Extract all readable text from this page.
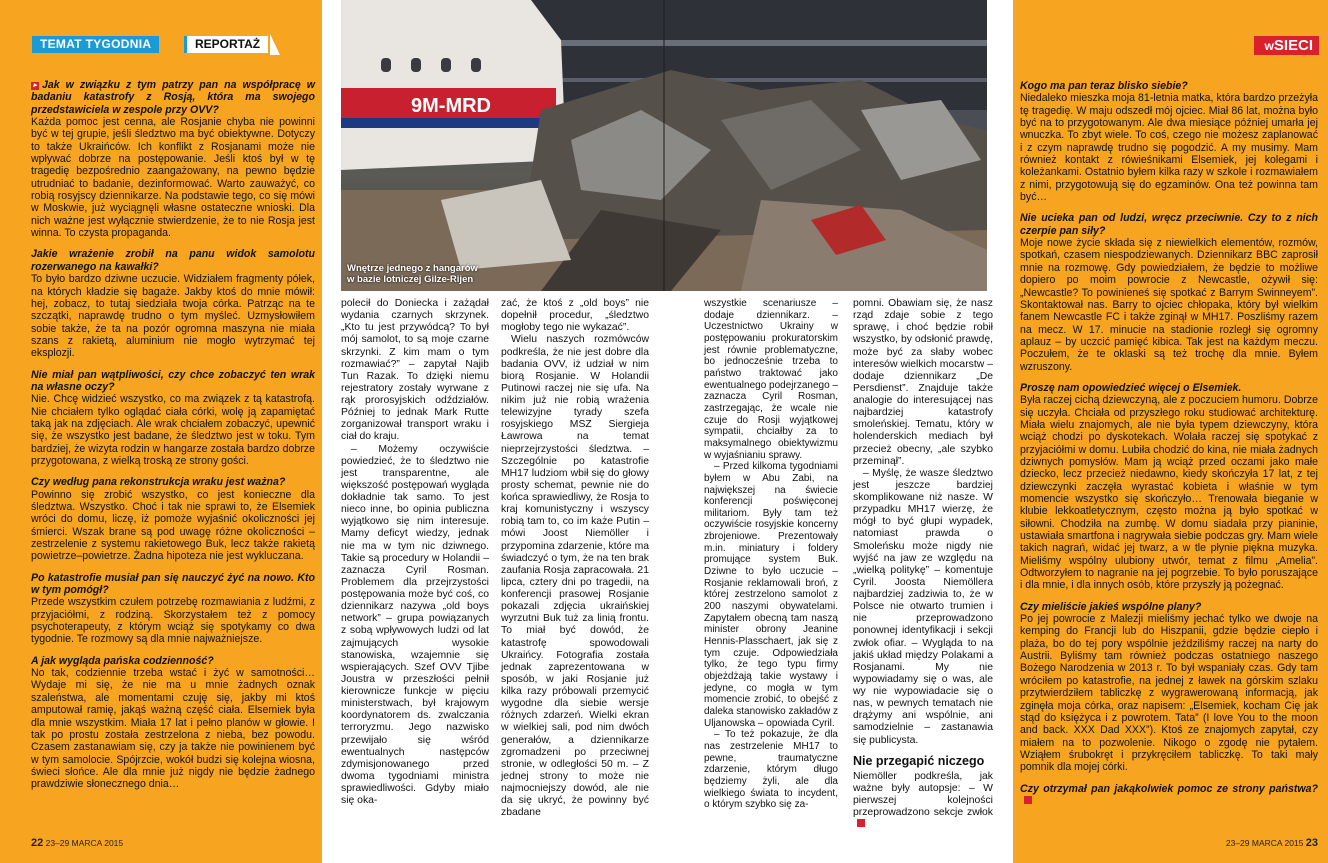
TEMAT TYGODNIA	REPORTAŻ

▸ Jak w związku z tym patrzy pan na współpracę w badaniu katastrofy z Rosją, która ma swojego przedstawiciela w zespole przy OVV?

Każda pomoc jest cenna, ale Rosjanie chyba nie powinni być w tej grupie, jeśli śledztwo ma być obiektywne. Dotyczy to także Ukraińców. Ich konflikt z Rosjanami może nie wpływać dobrze na postępowanie. Jeśli ktoś był w tę tragedię bezpośrednio zaangażowany, na pewno będzie utrudniać to badanie, dezinformować. Warto zauważyć, co robią rosyjscy dziennikarze. Na podstawie tego, co się mówi w Moskwie, już wyciągnęli własne ostateczne wnioski. Dla nich ważne jest wyłącznie stwierdzenie, że to nie Rosja jest winna. To czysta propaganda.

Jakie wrażenie zrobił na panu widok samolotu rozerwanego na kawałki?

To było bardzo dziwne uczucie. Widziałem fragmenty półek, na których kładzie się bagaże. Jakby ktoś do mnie mówił: hej, zobacz, to tutaj siedziała twoja córka. Patrząc na te szczątki, naprawdę trudno o tym myśleć. Uzmysłowiłem sobie także, że ta na pozór ogromna maszyna nie miała szans z rakietą, aluminium nie mogło wytrzymać tej eksplozji.

Nie miał pan wątpliwości, czy chce zobaczyć ten wrak na własne oczy?

Nie. Chcę widzieć wszystko, co ma związek z tą katastrofą. Nie chciałem tylko oglądać ciała córki, wolę ją zapamiętać taką jak na zdjęciach. Ale wrak chciałem zobaczyć, upewnić się, że wszystko jest badane, że śledztwo jest w toku. Tym bardziej, że wizyta rodzin w hangarze została bardzo dobrze przygotowana, z wielką troską ze strony gości.

Czy według pana rekonstrukcja wraku jest ważna?

Powinno się zrobić wszystko, co jest konieczne dla śledztwa. Wszystko. Choć i tak nie sprawi to, że Elsemiek wróci do domu, liczę, iż pomoże wyjaśnić okoliczności jej śmierci. Wszak brane są pod uwagę różne okoliczności – zestrzelenie z systemu rakietowego Buk, lecz także rakietą powietrze–powietrze. Żadna hipoteza nie jest wykluczana.

Po katastrofie musiał pan się nauczyć żyć na nowo. Kto w tym pomógł?

Przede wszystkim czułem potrzebę rozmawiania z ludźmi, z przyjaciółmi, z rodziną. Skorzystałem też z pomocy psychoterapeuty, z którym wciąż się spotykamy co dwa tygodnie. Te rozmowy są dla mnie najważniejsze.

A jak wygląda pańska codzienność?

No tak, codziennie trzeba wstać i żyć w samotności… Wydaje mi się, że nie ma u mnie żadnych oznak szaleństwa, ale momentami czuję się, jakby mi ktoś amputował ramię, jakąś ważną część ciała. Elsemiek była dla mnie wszystkim. Miała 17 lat i pełno planów w głowie. I tak po prostu została zestrzelona z nieba, bez powodu. Czasem zastanawiam się, czy ja także nie powinienem być w tym samolocie. Spójrzcie, wokół budzi się kolejna wiosna, świeci słońce. Ale dla mnie już nigdy nie będzie żadnego prawdziwie słonecznego dnia…

polecił do Doniecka i zażądał wydania czarnych skrzynek. „Kto tu jest przywódcą? To był mój samolot, to są moje czarne skrzynki. Z kim mam o tym rozmawiać?” – zapytał Najib Tun Razak. To dzięki niemu rejestratory zostały wyrwane z rąk prorosyjskich odździałów. Później to jednak Mark Rutte zorganizował transport wraku i ciał do kraju.

– Możemy oczywiście powiedzieć, że to śledztwo nie jest transparentne, ale większość postępowań wygląda dokładnie tak samo. To jest nieco inne, bo opinia publiczna wyjątkowo się nim interesuje. Mamy deficyt wiedzy, jednak nie ma w tym nic dziwnego. Takie są procedury w Holandii – zaznacza Cyril Rosman. Problemem dla przejrzystości postępowania może być coś, co dziennikarz nazywa „old boys network” – grupa powiązanych z sobą wpływowych ludzi od lat zajmujących wysokie stanowiska, wzajemnie się wspierających. Szef OVV Tjibe Joustra w przeszłości pełnił kierownicze funkcje w pięciu ministerstwach, był krajowym koordynatorem ds. zwalczania terroryzmu. Jego nazwisko przewijało się wśród ewentualnych następców zdymisjonowanego przed dwoma tygodniami ministra sprawiedliwości. Gdyby miało się oka-

zać, że ktoś z „old boys” nie dopełnił procedur, „śledztwo mogłoby tego nie wykazać”.

Wielu naszych rozmówców podkreśla, że nie jest dobre dla badania OVV, iż udział w nim biorą Rosjanie. W Holandii Putinowi raczej nie się ufa. Na nikim już nie robią wrażenia telewizyjne tyrady szefa rosyjskiego MSZ Siergieja Ławrowa na temat nieprzejrzystości śledztwa. – Szczególnie po katastrofie MH17 ludziom wbił się do głowy prosty schemat, pewnie nie do końca sprawiedliwy, że Rosja to kraj komunistyczny i wszyscy robią tam to, co im każe Putin – mówi Joost Niemöller i przypomina zdarzenie, które ma świadczyć o tym, że na ten brak zaufania Rosja zapracowała. 21 lipca, cztery dni po tragedii, na konferencji prasowej Rosjanie pokazali zdjęcia ukraińskiej wyrzutni Buk tuż za linią frontu. To miał być dowód, że katastrofę spowodowali Ukraińcy. Fotografia została jednak zaprezentowana w sposób, w jaki Rosjanie już kilka razy próbowali przemycić wygodne dla siebie wersje różnych zdarzeń. Wielki ekran w wielkiej sali, pod nim dwóch generałów, a dziennikarze zgromadzeni po przeciwnej stronie, w odległości 50 m. – Z jednej strony to może nie najmocniejszy dowód, ale nie da się ukryć, że powinny być zbadane

22 23–29 MARCA 2015
wSIECI

wszystkie scenariusze – dodaje dziennikarz. – Uczestnictwo Ukrainy w postępowaniu prokuratorskim jest równie problematyczne, bo jednocześnie trzeba to państwo traktować jako ewentualnego podejrzanego – zaznacza Cyril Rosman, zastrzegając, że wcale nie czuje do Rosji wyjątkowej sympatii, chciałby za to maksymalnego obiektywizmu w wyjaśnianiu sprawy.

– Przed kilkoma tygodniami byłem w Abu Zabi, na największej na świecie konferencji poświęconej militariom. Były tam też oczywiście rosyjskie koncerny zbrojeniowe. Prezentowały m.in. miniatury i foldery promujące system Buk. Dziwne to było uczucie – Rosjanie reklamowali broń, z której zestrzelono samolot z 200 naszymi obywatelami. Zapytałem obecną tam naszą minister obrony Jeanine Hennis-Plasschaert, jak się z tym czuje. Odpowiedziała tylko, że tego typu firmy objeżdżają takie wystawy i jedyne, co mogła w tym momencie zrobić, to obejść z daleka stanowisko zakładów z Uljanowska – opowiada Cyril.

– To też pokazuje, że dla nas zestrzelenie MH17 to pewne, traumatyczne zdarzenie, którym długo będziemy żyli, ale dla wielkiego świata to incydent, o którym szybko się za-

pomni. Obawiam się, że nasz rząd zdaje sobie z tego sprawę, i choć będzie robił wszystko, by odsłonić prawdę, może być za słaby wobec interesów wielkich mocarstw – dodaje dziennikarz „De Persdienst”. Znajduje także analogie do interesującej nas najbardziej katastrofy smoleńskiej. Tematu, który w holenderskich mediach był przecież obecny, „ale szybko przeminął”.

– Myślę, że wasze śledztwo jest jeszcze bardziej skomplikowane niż nasze. W przypadku MH17 wierzę, że mógł to być głupi wypadek, natomiast prawda o Smoleńsku może nigdy nie wyjść na jaw ze względu na „wielką politykę” – komentuje Cyril. Joosta Niemöllera najbardziej zadziwia to, że w Polsce nie otwarto trumien i nie przeprowadzono ponownej identyfikacji i sekcji zwłok ofiar. – Wygląda to na jakiś układ między Polakami a Rosjanami. My nie wypowiadamy się o was, ale wy nie wypowiadacie się o nas, w pewnych tematach nie drążymy ani wspólnie, ani samodzielnie – zastanawia się publicysta.

Nie przegapić niczego

Niemöller podkreśla, jak ważne były autopsje: – W pierwszej kolejności przeprowadzono sekcje zwłok

Kogo ma pan teraz blisko siebie?

Niedaleko mieszka moja 81-letnia matka, która bardzo przeżyła tę tragedię. W maju odszedł mój ojciec. Miał 86 lat, można było być na to przygotowanym. Ale dwa miesiące później umarła jej wnuczka. To zbyt wiele. To coś, czego nie możesz zaplanować i z czym naprawdę trudno się pogodzić. A my musimy. Mam również kontakt z rówieśnikami Elsemiek, jej kolegami i koleżankami. Ostatnio byłem kilka razy w szkole i rozmawiałem z nimi, przygotowują się do egzaminów. Ona też powinna tam być…

Nie ucieka pan od ludzi, wręcz przeciwnie. Czy to z nich czerpie pan siły?

Moje nowe życie składa się z niewielkich elementów, rozmów, spotkań, czasem niespodziewanych. Dziennikarz BBC zaprosił mnie na rozmowę. Gdy powiedziałem, że będzie to możliwe dopiero po moim powrocie z Newcastle, ożywił się: „Newcastle? To powinieneś się spotkać z Barrym Swinneyem”. Skontaktował nas. Barry to ojciec chłopaka, który był wielkim fanem Newcastle FC i także zginął w MH17. Poszliśmy razem na mecz. W 17. minucie na stadionie rozległ się ogromny aplauz – by uczcić pamięć kibica. Tak jest na każdym meczu. Poczułem, że te oklaski są też trochę dla mnie. Byłem wzruszony.

Proszę nam opowiedzieć więcej o Elsemiek.

Była raczej cichą dziewczyną, ale z poczuciem humoru. Dobrze się uczyła. Chciała od przyszłego roku studiować architekturę. Miała wielu znajomych, ale nie była typem dziewczyny, która wciąż chodzi po dyskotekach. Wolała raczej się spotykać z przyjaciółmi w domu. Lubiła chodzić do kina, nie miała żadnych dziwnych pomysłów. Mam ją wciąż przed oczami jako małe dziecko, lecz przecież niedawno, kiedy skończyła 17 lat, z tej dziewczynki zaczęła wyrastać kobieta i właśnie w tym momencie wszystko się skończyło… Trenowała bieganie w klubie lekkoatletycznym, często można ją było spotkać w siłowni. Chodziła na zumbę. W domu siadała przy pianinie, ustawiała smartfona i nagrywała siebie podczas gry. Mam wiele takich nagrań, widać jej twarz, a w tle płynie piękna muzyka. Mieliśmy wspólny ulubiony utwór, temat z filmu „Amelia”. Odtworzyłem to nagranie na jej pogrzebie. To było poruszające i dla mnie, i dla innych osób, które przyszły ją pożegnać.

Czy mieliście jakieś wspólne plany?

Po jej powrocie z Malezji mieliśmy jechać tylko we dwoje na kemping do Francji lub do Hiszpanii, gdzie będzie ciepło i plaża, bo do tej pory wspólnie jeździliśmy raczej na narty do Austrii. Byliśmy tam również podczas ostatniego naszego Bożego Narodzenia w 2013 r. To był wspaniały czas. Gdy tam wróciłem po katastrofie, na jednej z ławek na górskim szlaku przytwierdziłem tabliczkę z wygrawerowaną informacją, jak zginęła moja córka, oraz napisem: „Elsemiek, kocham Cię jak stąd do księżyca i z powrotem. Tata” (I love You to the moon and back. XXX Dad XXX”). Ktoś ze znajomych zapytał, czy miałem na to pozwolenie. Nikogo o zgodę nie pytałem. Wziąłem śrubokręt i przykręciłem tabliczkę. To taki mały pomnik dla mojej córki.

Czy otrzymał pan jakąkolwiek pomoc ze strony państwa?

23–29 MARCA 2015 23
9M-MRD
Wnętrze jednego z hangarów
w bazie lotniczej Gilze-Rijen
